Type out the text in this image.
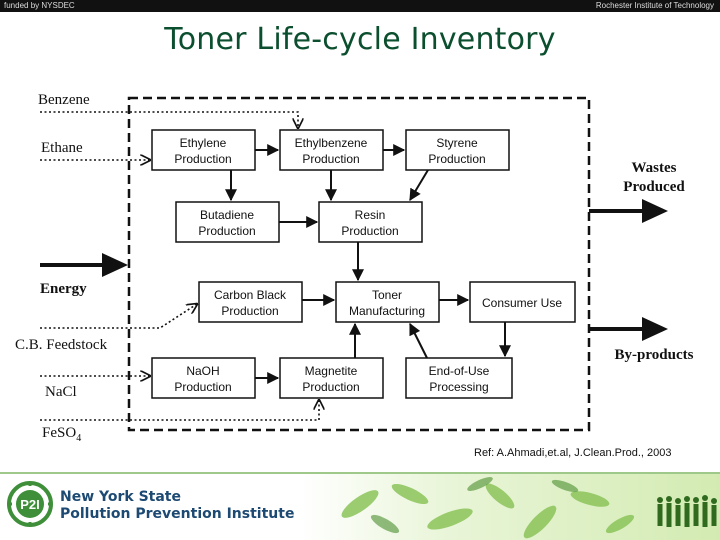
funded by NYSDEC	Rochester Institute of Technology
Toner Life-cycle Inventory
Benzene
Ethane
Energy
C.B. Feedstock
NaCl
FeSO$_4$
Wastes
Produced
By-products
Ethylene
Production
Ethylbenzene
Production
Styrene
Production
Butadiene
Production
Resin
Production
Carbon Black
Production
Toner
Manufacturing
Consumer Use
NaOH
Production
Magnetite
Production
End-of-Use
Processing
Ref: A.Ahmadi,et.al, J.Clean.Prod., 2003
P2I New York State
Pollution Prevention Institute
